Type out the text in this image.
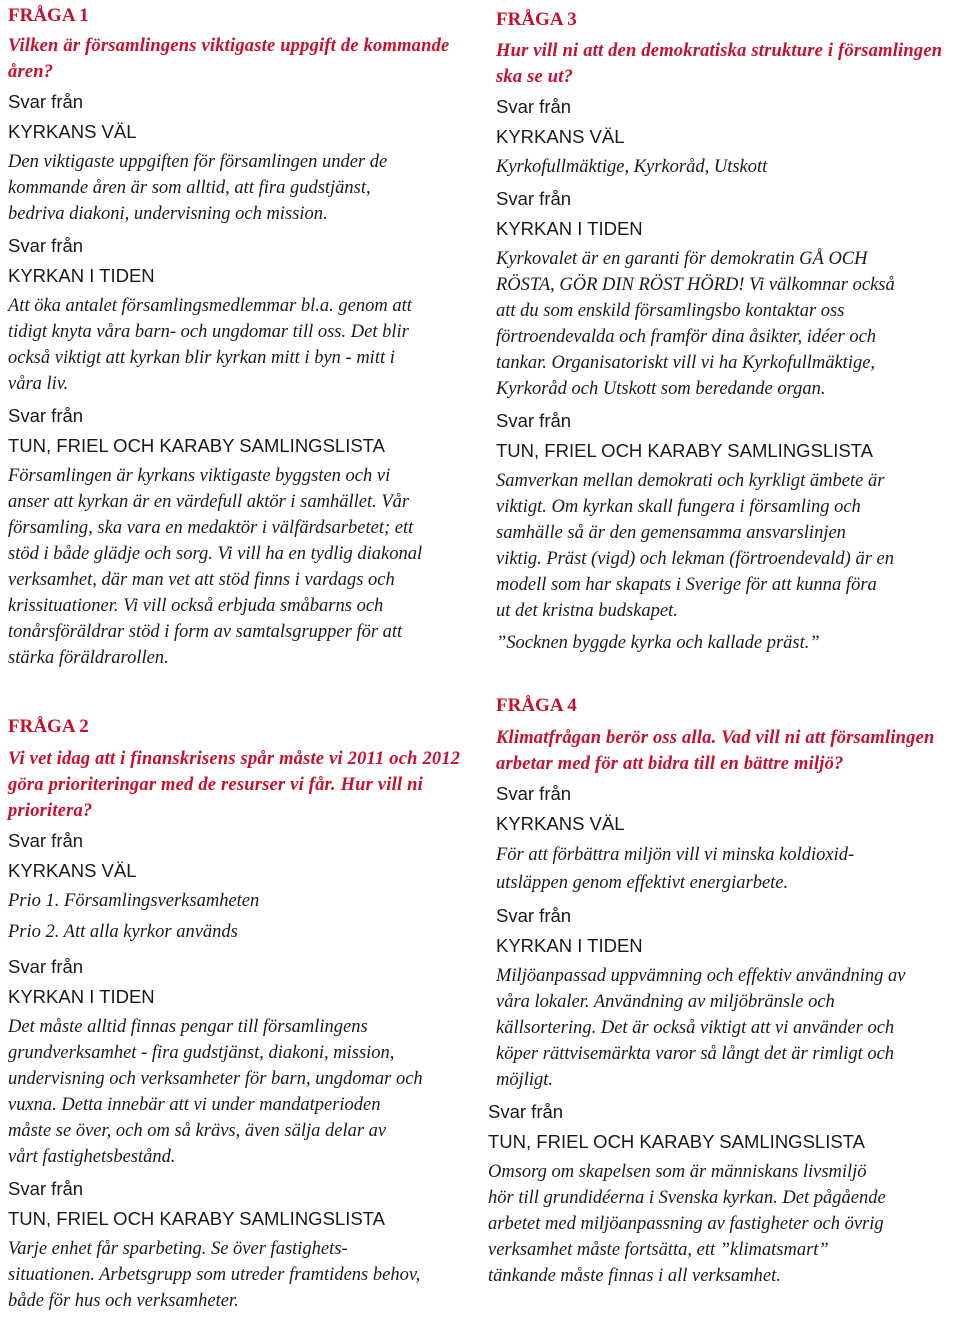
FRÅGA 1

Vilken är församlingens viktigaste uppgift de kommande åren?

Svar från

KYRKANS VÄL

Den viktigaste uppgiften för församlingen under de
kommande åren är som alltid, att fira gudstjänst,
bedriva diakoni, undervisning och mission.

Svar från

KYRKAN I TIDEN

Att öka antalet församlingsmedlemmar bl.a. genom att
tidigt knyta våra barn- och ungdomar till oss. Det blir
också viktigt att kyrkan blir kyrkan mitt i byn - mitt i
våra liv.

Svar från

TUN, FRIEL OCH KARABY SAMLINGSLISTA

Församlingen är kyrkans viktigaste byggsten och vi
anser att kyrkan är en värdefull aktör i samhället. Vår
församling, ska vara en medaktör i välfärdsarbetet; ett
stöd i både glädje och sorg. Vi vill ha en tydlig diakonal
verksamhet, där man vet att stöd finns i vardags och
krissituationer. Vi vill också erbjuda småbarns och
tonårsföräldrar stöd i form av samtalsgrupper för att
stärka föräldrarollen.

FRÅGA 2

Vi vet idag att i finanskrisens spår måste vi 2011 och 2012 göra prioriteringar med de resurser vi får. Hur vill ni prioritera?

Svar från

KYRKANS VÄL

Prio 1. Församlingsverksamheten
Prio 2. Att alla kyrkor används

Svar från

KYRKAN I TIDEN

Det måste alltid finnas pengar till församlingens
grundverksamhet - fira gudstjänst, diakoni, mission,
undervisning och verksamheter för barn, ungdomar och
vuxna. Detta innebär att vi under mandatperioden
måste se över, och om så krävs, även sälja delar av
vårt fastighetsbestånd.

Svar från

TUN, FRIEL OCH KARABY SAMLINGSLISTA

Varje enhet får sparbeting. Se över fastighets-
situationen. Arbetsgrupp som utreder framtidens behov,
både för hus och verksamheter.

FRÅGA 3

Hur vill ni att den demokratiska strukture i församlingen ska se ut?

Svar från

KYRKANS VÄL

Kyrkofullmäktige, Kyrkoråd, Utskott

Svar från

KYRKAN I TIDEN

Kyrkovalet är en garanti för demokratin GÅ OCH
RÖSTA, GÖR DIN RÖST HÖRD! Vi välkomnar också
att du som enskild församlingsbo kontaktar oss
förtroendevalda och framför dina åsikter, idéer och
tankar. Organisatoriskt vill vi ha Kyrkofullmäktige,
Kyrkoråd och Utskott som beredande organ.

Svar från

TUN, FRIEL OCH KARABY SAMLINGSLISTA

Samverkan mellan demokrati och kyrkligt ämbete är
viktigt. Om kyrkan skall fungera i församling och
samhälle så är den gemensamma ansvarslinjen
viktig. Präst (vigd) och lekman (förtroendevald) är en
modell som har skapats i Sverige för att kunna föra
ut det kristna budskapet.
”Socknen byggde kyrka och kallade präst.”

FRÅGA 4

Klimatfrågan berör oss alla. Vad vill ni att församlingen arbetar med för att bidra till en bättre miljö?

Svar från

KYRKANS VÄL

För att förbättra miljön vill vi minska koldioxid-
utsläppen genom effektivt energiarbete.

Svar från

KYRKAN I TIDEN

Miljöanpassad uppvämning och effektiv användning av
våra lokaler. Användning av miljöbränsle och
källsortering. Det är också viktigt att vi använder och
köper rättvisemärkta varor så långt det är rimligt och
möjligt.

Svar från

TUN, FRIEL OCH KARABY SAMLINGSLISTA

Omsorg om skapelsen som är människans livsmiljö
hör till grundidéerna i Svenska kyrkan. Det pågående
arbetet med miljöanpassning av fastigheter och övrig
verksamhet måste fortsätta, ett ”klimatsmart”
tänkande måste finnas i all verksamhet.
